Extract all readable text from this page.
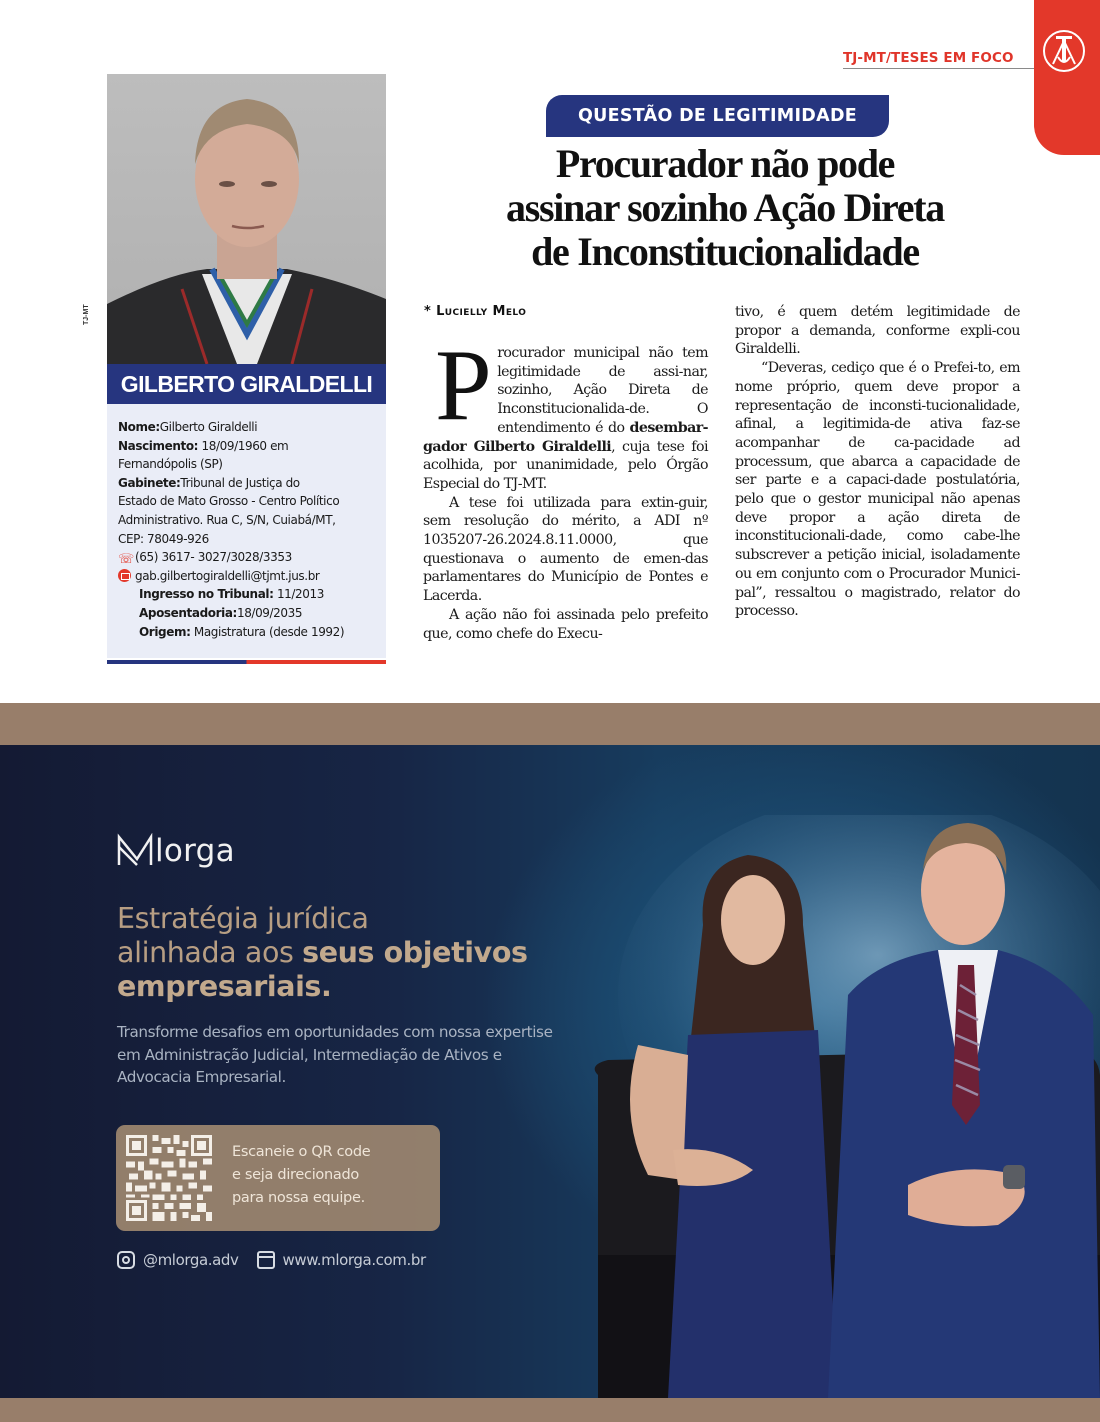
TJ-MT/TESES EM FOCO
TJ-MT
GILBERTO GIRALDELLI
Nome:Gilberto Giraldelli
Nascimento: 18/09/1960 em
Fernandópolis (SP)
Gabinete:Tribunal de Justiça do
Estado de Mato Grosso - Centro Político
Administrativo. Rua C, S/N, Cuiabá/MT,
CEP: 78049-926
☏(65) 3617- 3027/3028/3353
gab.gilbertogiraldelli@tjmt.jus.br
Ingresso no Tribunal: 11/2013
Aposentadoria:18/09/2035
Origem: Magistratura (desde 1992)
QUESTÃO DE LEGITIMIDADE
Procurador não pode
assinar sozinho Ação Direta
de Inconstitucionalidade
* Lucielly Melo

Procurador municipal não tem legitimidade de assi-nar, sozinho, Ação Direta de Inconstitucionalida-de. O entendimento é do desembar-gador Gilberto Giraldelli, cuja tese foi acolhida, por unanimidade, pelo Órgão Especial do TJ-MT.

A tese foi utilizada para extin-guir, sem resolução do mérito, a ADI nº 1035207-26.2024.8.11.0000, que questionava o aumento de emen-das parlamentares do Município de Pontes e Lacerda.

A ação não foi assinada pelo prefeito que, como chefe do Execu-

tivo, é quem detém legitimidade de propor a demanda, conforme expli-cou Giraldelli.

“Deveras, cediço que é o Prefei-to, em nome próprio, quem deve propor a representação de inconsti-tucionalidade, afinal, a legitimida-de ativa faz-se acompanhar de ca-pacidade ad processum, que abarca a capacidade de ser parte e a capaci-dade postulatória, pelo que o gestor municipal não apenas deve propor a ação direta de inconstitucionali-dade, como cabe-lhe subscrever a petição inicial, isoladamente ou em conjunto com o Procurador Munici-pal”, ressaltou o magistrado, relator do processo.

lorga
Estratégia jurídica
alinhada aos seus objetivos
empresariais.
Transforme desafios em oportunidades com nossa expertise em Administração Judicial, Intermediação de Ativos e Advocacia Empresarial.
Escaneie o QR code
e seja direcionado
para nossa equipe.
@mlorga.adv	www.mlorga.com.br
